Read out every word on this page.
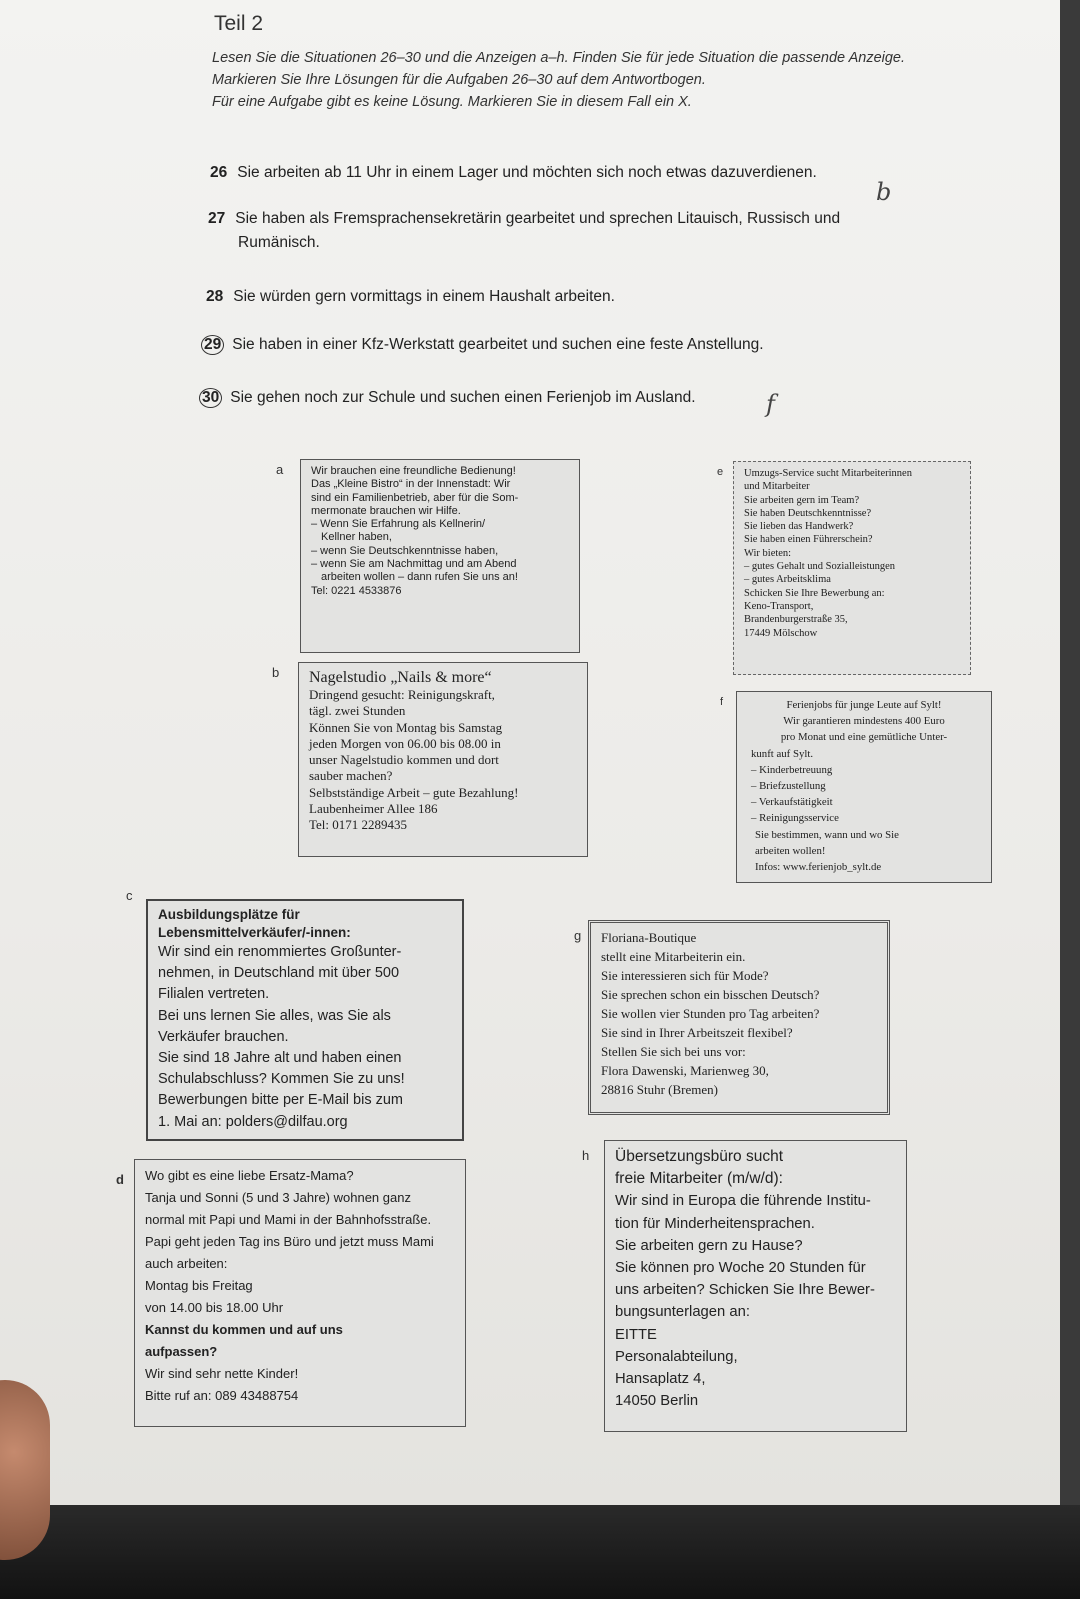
Teil 2
Lesen Sie die Situationen 26–30 und die Anzeigen a–h. Finden Sie für jede Situation die passende Anzeige.
Markieren Sie Ihre Lösungen für die Aufgaben 26–30 auf dem Antwortbogen.
Für eine Aufgabe gibt es keine Lösung. Markieren Sie in diesem Fall ein X.
26 Sie arbeiten ab 11 Uhr in einem Lager und möchten sich noch etwas dazuverdienen.
b
27 Sie haben als Fremsprachensekretärin gearbeitet und sprechen Litauisch, Russisch und
Rumänisch.
28 Sie würden gern vormittags in einem Haushalt arbeiten.
29 Sie haben in einer Kfz-Werkstatt gearbeitet und suchen eine feste Anstellung.
30 Sie gehen noch zur Schule und suchen einen Ferienjob im Ausland.	f
a	Wir brauchen eine freundliche Bedienung!
Das „Kleine Bistro“ in der Innenstadt: Wir
sind ein Familienbetrieb, aber für die Som-
mermonate brauchen wir Hilfe.
– Wenn Sie Erfahrung als Kellnerin/
Kellner haben,
– wenn Sie Deutschkenntnisse haben,
– wenn Sie am Nachmittag und am Abend
arbeiten wollen – dann rufen Sie uns an!
Tel: 0221 4533876
b Nagelstudio „Nails & more“
Dringend gesucht: Reinigungskraft,
tägl. zwei Stunden
Können Sie von Montag bis Samstag
jeden Morgen von 06.00 bis 08.00 in
unser Nagelstudio kommen und dort
sauber machen?
Selbstständige Arbeit – gute Bezahlung!
Laubenheimer Allee 186
Tel: 0171 2289435
e Umzugs-Service sucht Mitarbeiterinnen
und Mitarbeiter
Sie arbeiten gern im Team?
Sie haben Deutschkenntnisse?
Sie lieben das Handwerk?
Sie haben einen Führerschein?
Wir bieten:
– gutes Gehalt und Sozialleistungen
– gutes Arbeitsklima
Schicken Sie Ihre Bewerbung an:
Keno-Transport,
Brandenburgerstraße 35,
17449 Mölschow
f	Ferienjobs für junge Leute auf Sylt!
Wir garantieren mindestens 400 Euro
pro Monat und eine gemütliche Unter-
kunft auf Sylt.
– Kinderbetreuung
– Briefzustellung
– Verkaufstätigkeit
– Reinigungsservice
Sie bestimmen, wann und wo Sie
arbeiten wollen!
Infos: www.ferienjob_sylt.de
c
Ausbildungsplätze für
Lebensmittelverkäufer/-innen:
Wir sind ein renommiertes Großunter-
nehmen, in Deutschland mit über 500
Filialen vertreten.
Bei uns lernen Sie alles, was Sie als
Verkäufer brauchen.
Sie sind 18 Jahre alt und haben einen
Schulabschluss? Kommen Sie zu uns!
Bewerbungen bitte per E-Mail bis zum
1. Mai an: polders@dilfau.org
g Floriana-Boutique
stellt eine Mitarbeiterin ein.
Sie interessieren sich für Mode?
Sie sprechen schon ein bisschen Deutsch?
Sie wollen vier Stunden pro Tag arbeiten?
Sie sind in Ihrer Arbeitszeit flexibel?
Stellen Sie sich bei uns vor:
Flora Dawenski, Marienweg 30,
28816 Stuhr (Bremen)
d Wo gibt es eine liebe Ersatz-Mama?
Tanja und Sonni (5 und 3 Jahre) wohnen ganz
normal mit Papi und Mami in der Bahnhofsstraße.
Papi geht jeden Tag ins Büro und jetzt muss Mami
auch arbeiten:
Montag bis Freitag
von 14.00 bis 18.00 Uhr
Kannst du kommen und auf uns
aufpassen?
Wir sind sehr nette Kinder!
Bitte ruf an: 089 43488754
h Übersetzungsbüro sucht
freie Mitarbeiter (m/w/d):
Wir sind in Europa die führende Institu-
tion für Minderheitensprachen.
Sie arbeiten gern zu Hause?
Sie können pro Woche 20 Stunden für
uns arbeiten? Schicken Sie Ihre Bewer-
bungsunterlagen an:
EITTE
Personalabteilung,
Hansaplatz 4,
14050 Berlin
